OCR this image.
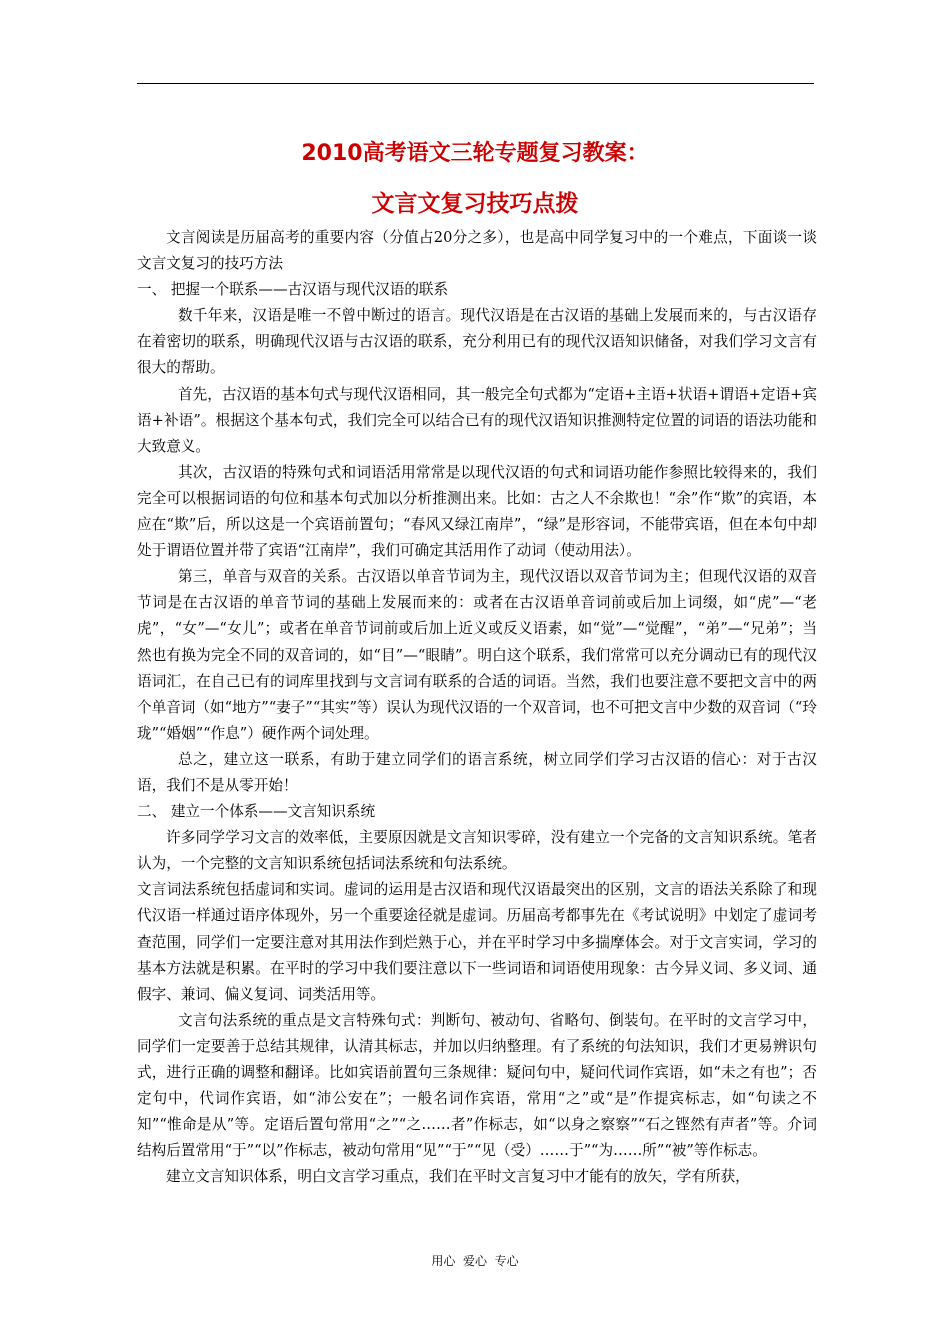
2010高考语文三轮专题复习教案：
文言文复习技巧点拨

文言阅读是历届高考的重要内容（分值占20分之多），也是高中同学复习中的一个难点，下面谈一谈文言文复习的技巧方法

一、 把握一个联系——古汉语与现代汉语的联系

数千年来，汉语是唯一不曾中断过的语言。现代汉语是在古汉语的基础上发展而来的，与古汉语存在着密切的联系，明确现代汉语与古汉语的联系，充分利用已有的现代汉语知识储备，对我们学习文言有很大的帮助。

首先，古汉语的基本句式与现代汉语相同，其一般完全句式都为“定语+主语+状语+谓语+定语+宾语+补语”。根据这个基本句式，我们完全可以结合已有的现代汉语知识推测特定位置的词语的语法功能和大致意义。

其次，古汉语的特殊句式和词语活用常常是以现代汉语的句式和词语功能作参照比较得来的，我们完全可以根据词语的句位和基本句式加以分析推测出来。比如：古之人不余欺也！“余”作“欺”的宾语，本应在“欺”后，所以这是一个宾语前置句；“春风又绿江南岸”，“绿”是形容词，不能带宾语，但在本句中却处于谓语位置并带了宾语“江南岸”，我们可确定其活用作了动词（使动用法）。

第三，单音与双音的关系。古汉语以单音节词为主，现代汉语以双音节词为主；但现代汉语的双音节词是在古汉语的单音节词的基础上发展而来的：或者在古汉语单音词前或后加上词缀，如“虎”—“老虎”，“女”—“女儿”；或者在单音节词前或后加上近义或反义语素，如“觉”—“觉醒”，“弟”—“兄弟”；当然也有换为完全不同的双音词的，如“目”—“眼睛”。明白这个联系，我们常常可以充分调动已有的现代汉语词汇，在自己已有的词库里找到与文言词有联系的合适的词语。当然，我们也要注意不要把文言中的两个单音词（如“地方”“妻子”“其实”等）误认为现代汉语的一个双音词，也不可把文言中少数的双音词（“玲珑”“婚姻”“作息”）硬作两个词处理。

总之，建立这一联系，有助于建立同学们的语言系统，树立同学们学习古汉语的信心：对于古汉语，我们不是从零开始！

二、 建立一个体系——文言知识系统

许多同学学习文言的效率低，主要原因就是文言知识零碎，没有建立一个完备的文言知识系统。笔者认为，一个完整的文言知识系统包括词法系统和句法系统。

文言词法系统包括虚词和实词。虚词的运用是古汉语和现代汉语最突出的区别，文言的语法关系除了和现代汉语一样通过语序体现外，另一个重要途径就是虚词。历届高考都事先在《考试说明》中划定了虚词考查范围，同学们一定要注意对其用法作到烂熟于心，并在平时学习中多揣摩体会。对于文言实词，学习的基本方法就是积累。在平时的学习中我们要注意以下一些词语和词语使用现象：古今异义词、多义词、通假字、兼词、偏义复词、词类活用等。

文言句法系统的重点是文言特殊句式：判断句、被动句、省略句、倒装句。在平时的文言学习中，同学们一定要善于总结其规律，认清其标志，并加以归纳整理。有了系统的句法知识，我们才更易辨识句式，进行正确的调整和翻译。比如宾语前置句三条规律：疑问句中，疑问代词作宾语，如“未之有也”；否定句中，代词作宾语，如“沛公安在”；一般名词作宾语，常用“之”或“是”作提宾标志，如“句读之不知”“惟命是从”等。定语后置句常用“之”“之……者”作标志，如“以身之察察”“石之铿然有声者”等。介词结构后置常用“于”“以”作标志，被动句常用“见”“于”“见（受）……于”“为……所”“被”等作标志。

建立文言知识体系，明白文言学习重点，我们在平时文言复习中才能有的放矢，学有所获，

用心  爱心  专心
